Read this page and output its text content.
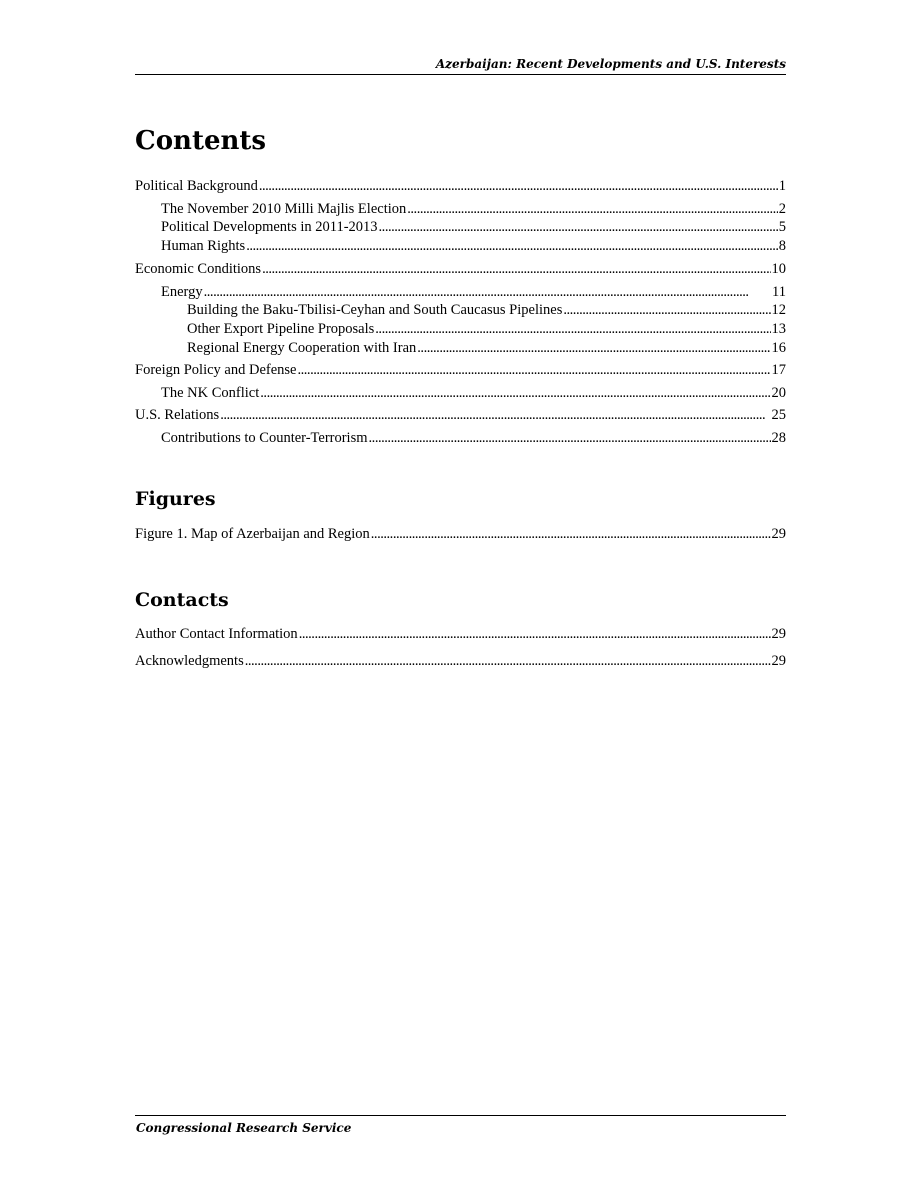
Azerbaijan: Recent Developments and U.S. Interests
Contents
Political Background . . .	1
The November 2010 Milli Majlis Election . . .	2
Political Developments in 2011-2013 . . .	5
Human Rights . . .	8
Economic Conditions . . .	10
Energy . . .	11
Building the Baku-Tbilisi-Ceyhan and South Caucasus Pipelines . . .	12
Other Export Pipeline Proposals . . .	13
Regional Energy Cooperation with Iran . . .	16
Foreign Policy and Defense . . .	17
The NK Conflict . . .	20
U.S. Relations . . .	25
Contributions to Counter-Terrorism . . .	28
Figures
Figure 1. Map of Azerbaijan and Region . . .	29
Contacts
Author Contact Information . . .	29
Acknowledgments . . .	29
Congressional Research Service
